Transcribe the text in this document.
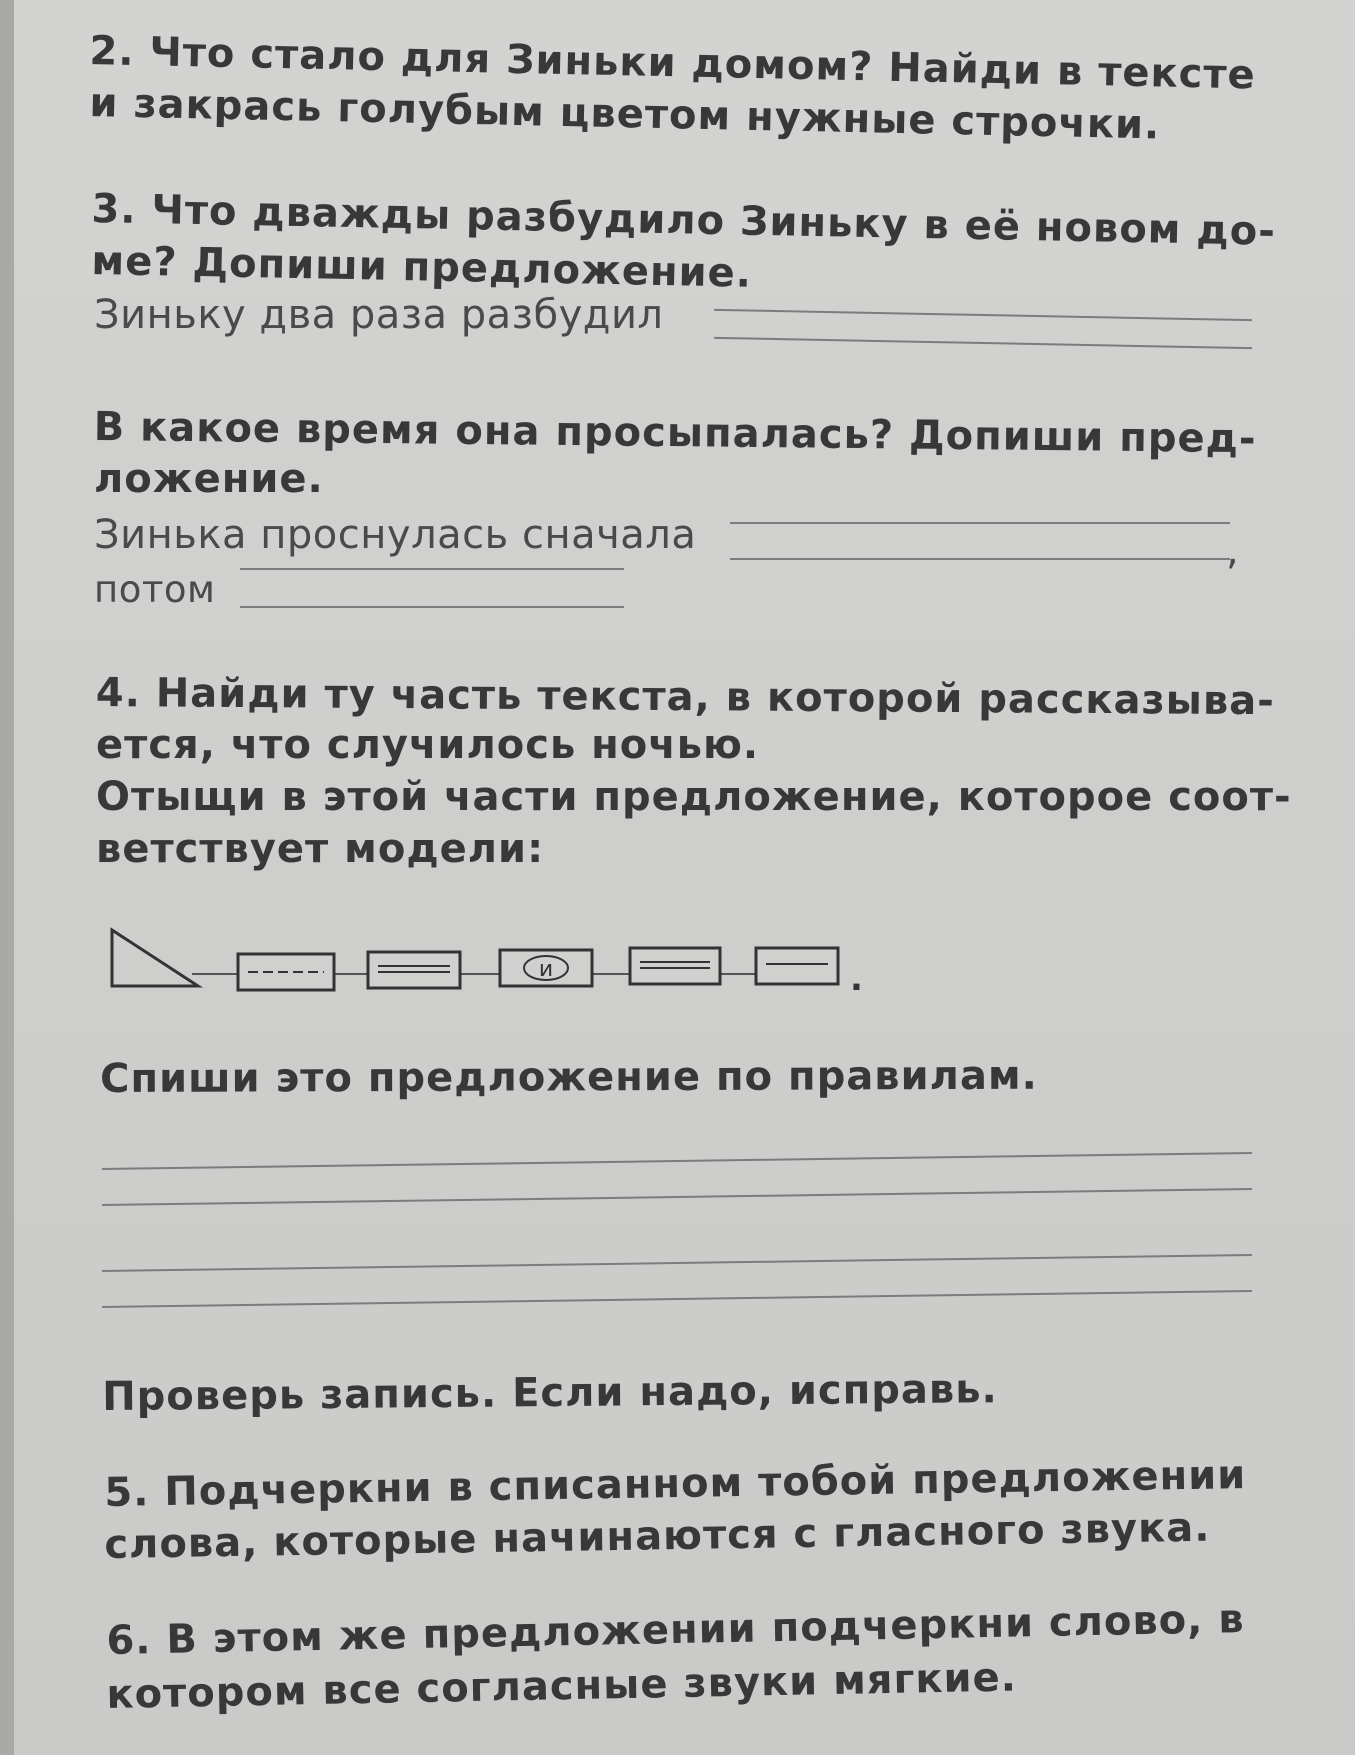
2. Что стало для Зиньки домом? Найди в тексте
и закрась голубым цветом нужные строчки.
3. Что дважды разбудило Зиньку в её новом до-
ме? Допиши предложение.
Зиньку два раза разбудил
В какое время она просыпалась? Допиши пред-
ложение.
Зинька проснулась сначала	,
потом
4. Найди ту часть текста, в которой рассказыва-
ется, что случилось ночью.
Отыщи в этой части предложение, которое соот-
ветствует модели:
и	.
Спиши это предложение по правилам.
Проверь запись. Если надо, исправь.
5. Подчеркни в списанном тобой предложении
слова, которые начинаются с гласного звука.
6. В этом же предложении подчеркни слово, в
котором все согласные звуки мягкие.
